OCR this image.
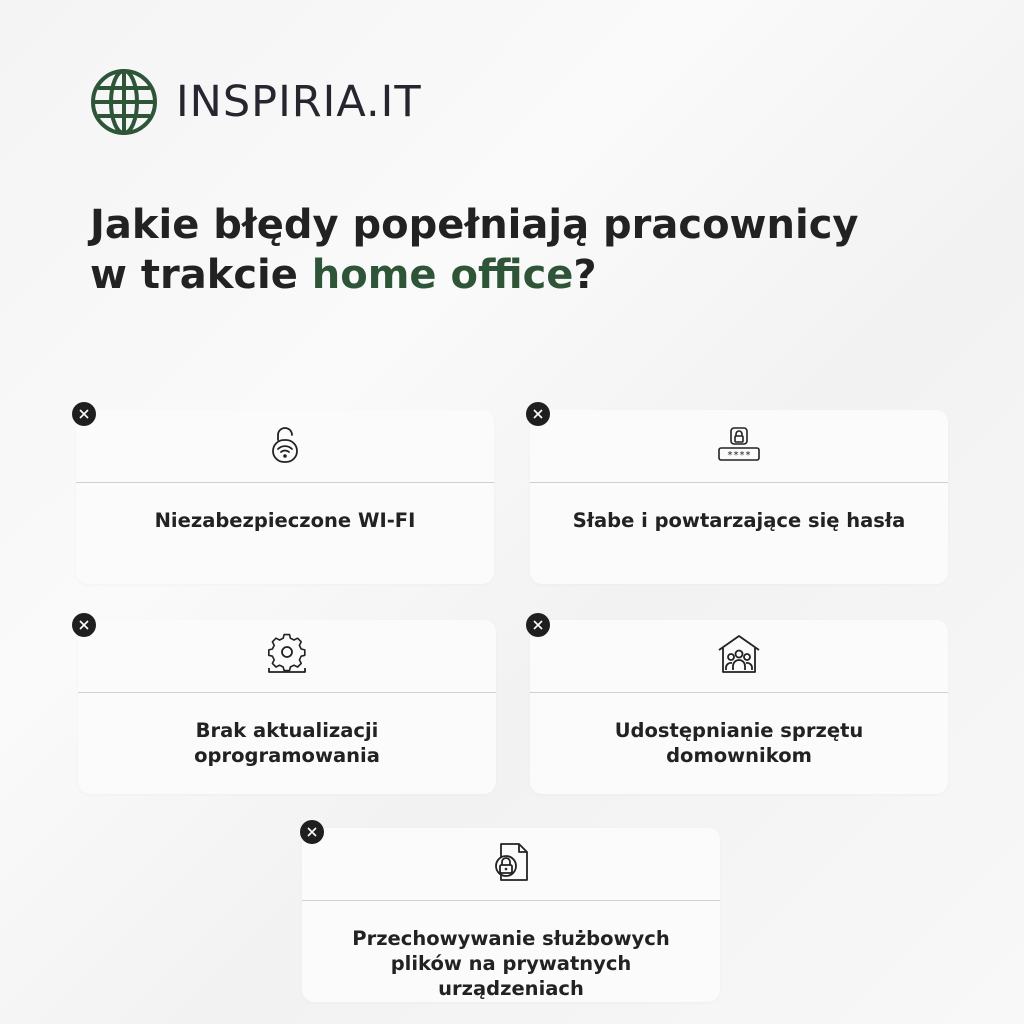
INSPIRIA.IT
Jakie błędy popełniają pracownicy
w trakcie home office?
Niezabezpieczone WI-FI
****
Słabe i powtarzające się hasła
Brak aktualizacji oprogramowania
Udostępnianie sprzętu domownikom
Przechowywanie służbowych plików na prywatnych urządzeniach
